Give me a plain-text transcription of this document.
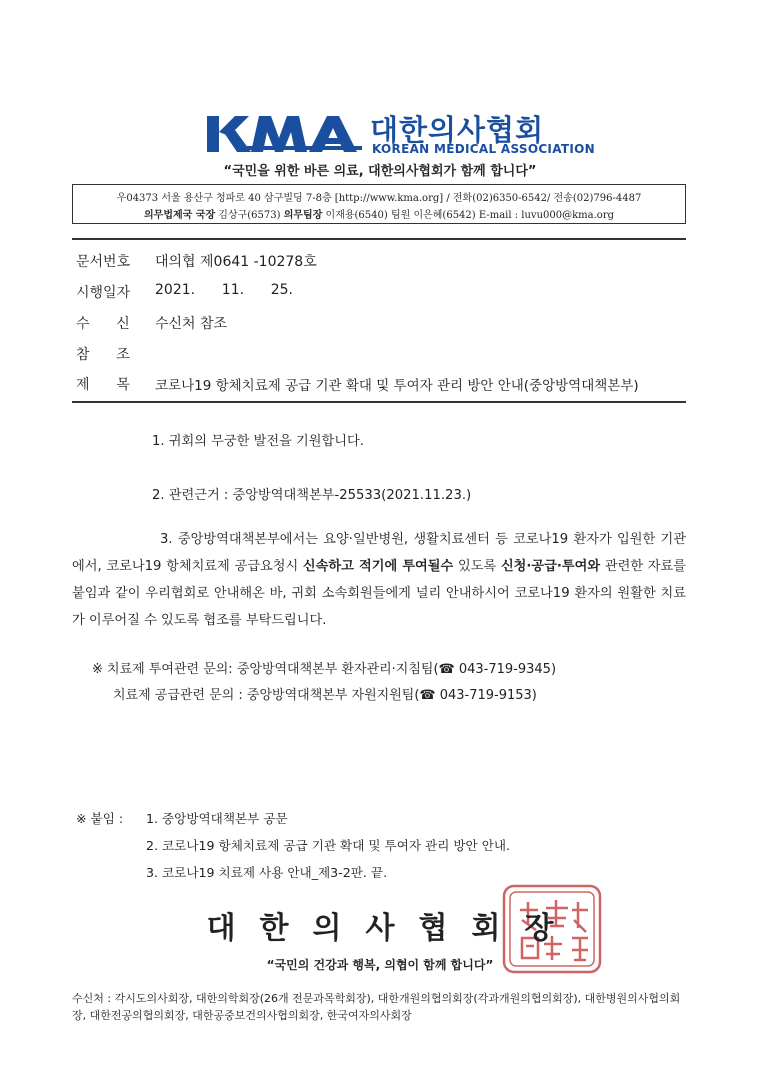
대한의사협회
KOREAN MEDICAL ASSOCIATION
“국민을 위한 바른 의료, 대한의사협회가 함께 합니다”
우04373 서울 용산구 청파로 40 삼구빌딩 7-8층 [http://www.kma.org] / 전화(02)6350-6542/ 전송(02)796-4487
의무법제국 국장 김상구(6573) 의무팀장 이재용(6540) 팀원 이은혜(6542) E-mail : luvu000@kma.org
문서번호	대의협 제0641 -10278호
시행일자	2021.      11.      25.
수      신	수신처 참조
참      조
제      목	코로나19 항체치료제 공급 기관 확대 및 투여자 관리 방안 안내(중앙방역대책본부)
1. 귀회의 무궁한 발전을 기원합니다.
2. 관련근거 : 중앙방역대책본부-25533(2021.11.23.)
3. 중앙방역대책본부에서는 요양·일반병원, 생활치료센터 등 코로나19 환자가 입원한 기관에서, 코로나19 항체치료제 공급요청시 신속하고 적기에 투여될수 있도록 신청·공급·투여와 관련한 자료를 붙임과 같이 우리협회로 안내해온 바, 귀회 소속회원들에게 널리 안내하시어 코로나19 환자의 원활한 치료가 이루어질 수 있도록 협조를 부탁드립니다.
※ 치료제 투여관련 문의: 중앙방역대책본부 환자관리·지침팀(☎ 043-719-9345)
치료제 공급관련 문의 : 중앙방역대책본부 자원지원팀(☎ 043-719-9153)
※ 붙임 : 1. 중앙방역대책본부 공문
2. 코로나19 항체치료제 공급 기관 확대 및 투여자 관리 방안 안내.
3. 코로나19 치료제 사용 안내_제3-2판. 끝.
대한의사협회장
“국민의 건강과 행복, 의협이 함께 합니다”
수신처 : 각시도의사회장, 대한의학회장(26개 전문과목학회장), 대한개원의협의회장(각과개원의협의회장), 대한병원의사협의회장, 대한전공의협의회장, 대한공중보건의사협의회장, 한국여자의사회장
